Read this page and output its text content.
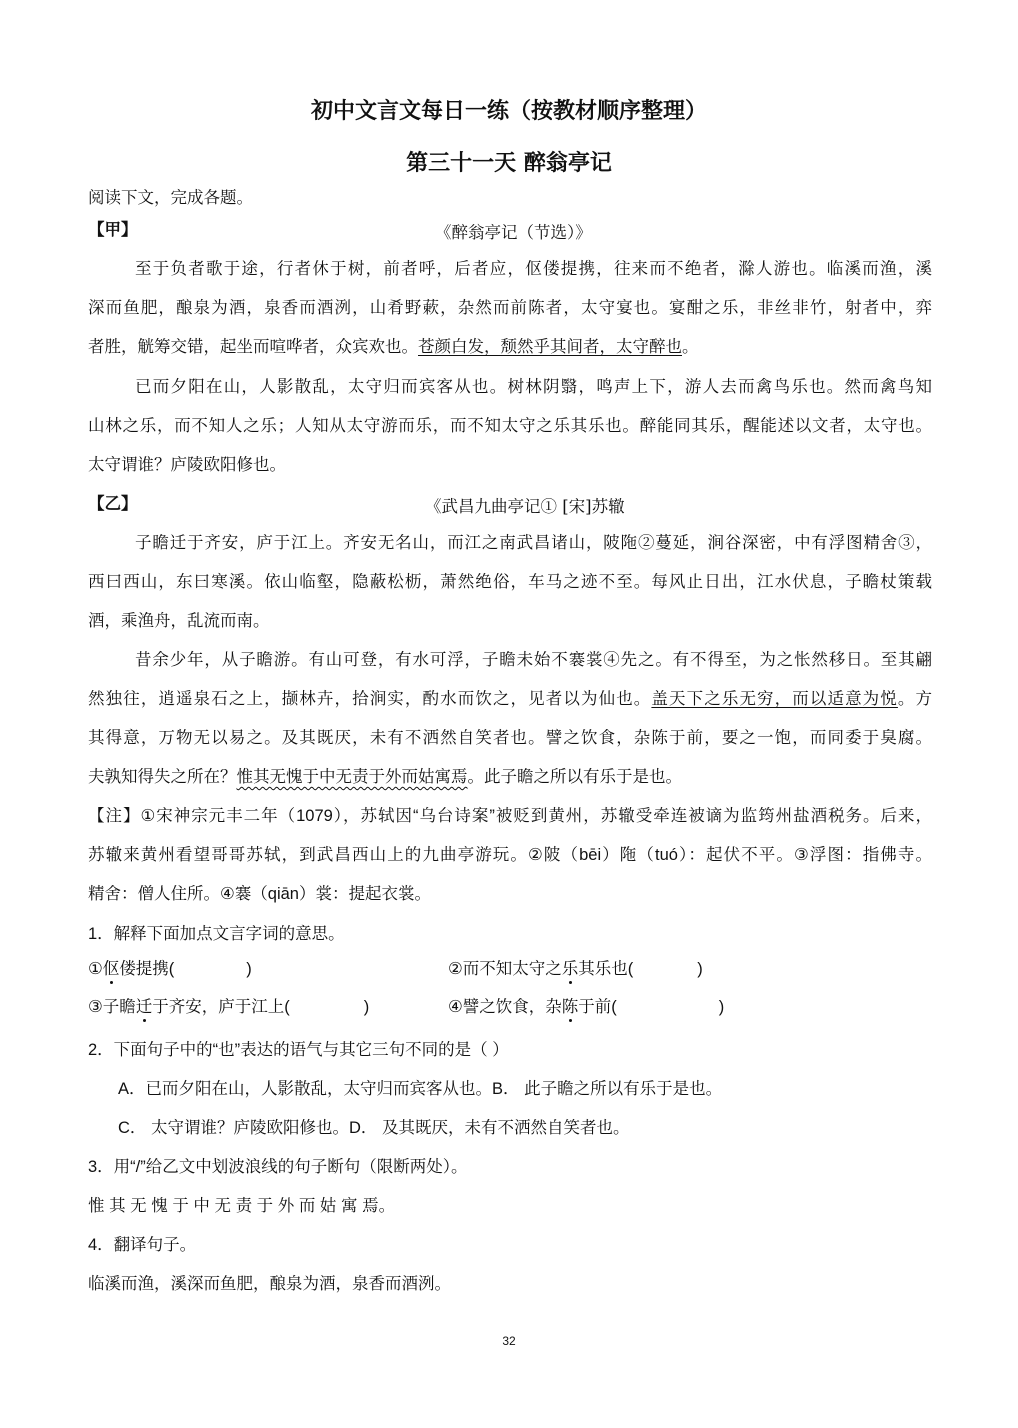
初中文言文每日一练（按教材顺序整理）
第三十一天 醉翁亭记
阅读下文，完成各题。
【甲】	《醉翁亭记（节选）》
至于负者歌于途，行者休于树，前者呼，后者应，伛偻提携，往来而不绝者，滁人游也。临溪而渔，溪
深而鱼肥，酿泉为酒，泉香而酒洌，山肴野蔌，杂然而前陈者，太守宴也。宴酣之乐，非丝非竹，射者中，弈
者胜，觥筹交错，起坐而喧哗者，众宾欢也。苍颜白发，颓然乎其间者，太守醉也。
已而夕阳在山，人影散乱，太守归而宾客从也。树林阴翳，鸣声上下，游人去而禽鸟乐也。然而禽鸟知
山林之乐，而不知人之乐；人知从太守游而乐，而不知太守之乐其乐也。醉能同其乐，醒能述以文者，太守也。
太守谓谁？庐陵欧阳修也。
【乙】	《武昌九曲亭记① [宋]苏辙
子瞻迁于齐安，庐于江上。齐安无名山，而江之南武昌诸山，陂陁②蔓延，涧谷深密，中有浮图精舍③，
西曰西山，东曰寒溪。依山临壑，隐蔽松枥，萧然绝俗，车马之迹不至。每风止日出，江水伏息，子瞻杖策载
酒，乘渔舟，乱流而南。
昔余少年，从子瞻游。有山可登，有水可浮，子瞻未始不褰裳④先之。有不得至，为之怅然移日。至其翩
然独往，逍遥泉石之上，撷林卉，拾涧实，酌水而饮之，见者以为仙也。盖天下之乐无穷，而以适意为悦。方
其得意，万物无以易之。及其既厌，未有不洒然自笑者也。譬之饮食，杂陈于前，要之一饱，而同委于臭腐。
夫孰知得失之所在？惟其无愧于中无责于外而姑寓焉。此子瞻之所以有乐于是也。
【注】①宋神宗元丰二年（1079），苏轼因“乌台诗案”被贬到黄州，苏辙受牵连被谪为监筠州盐酒税务。后来，
苏辙来黄州看望哥哥苏轼，到武昌西山上的九曲亭游玩。②陂（bēi）陁（tuó）：起伏不平。③浮图：指佛寺。
精舍：僧人住所。④褰（qiān）裳：提起衣裳。
1．解释下面加点文言字词的意思。
①伛偻提携(	)	②而不知太守之乐其乐也(	)
③子瞻迁于齐安，庐于江上(	)	④譬之饮食，杂陈于前(	)
2．下面句子中的“也”表达的语气与其它三句不同的是（ ）
A．已而夕阳在山，人影散乱，太守归而宾客从也。B． 此子瞻之所以有乐于是也。
C． 太守谓谁？庐陵欧阳修也。D． 及其既厌，未有不洒然自笑者也。
3．用“/”给乙文中划波浪线的句子断句（限断两处）。
惟 其 无 愧 于 中 无 责 于 外 而 姑 寓 焉。
4．翻译句子。
临溪而渔，溪深而鱼肥，酿泉为酒，泉香而酒洌。
32
